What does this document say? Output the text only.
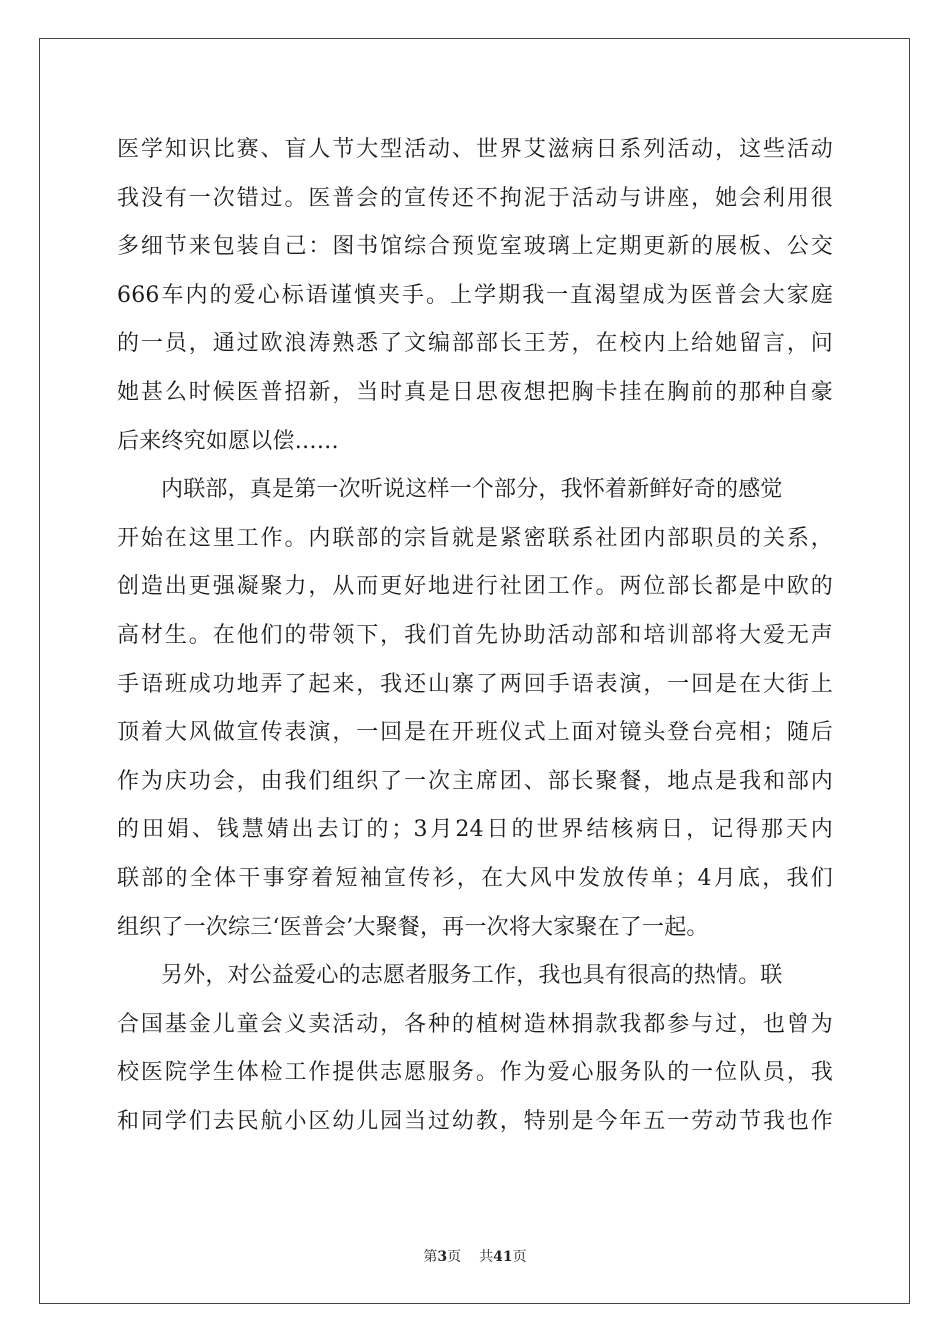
医学知识比赛、盲人节大型活动、世界艾滋病日系列活动，这些活动
我没有一次错过。医普会的宣传还不拘泥于活动与讲座，她会利用很
多细节来包装自己：图书馆综合预览室玻璃上定期更新的展板、公交
666车内的爱心标语谨慎夹手。上学期我一直渴望成为医普会大家庭
的一员，通过欧浪涛熟悉了文编部部长王芳，在校内上给她留言，问
她甚么时候医普招新，当时真是日思夜想把胸卡挂在胸前的那种自豪
后来终究如愿以偿……
内联部，真是第一次听说这样一个部分，我怀着新鲜好奇的感觉
开始在这里工作。内联部的宗旨就是紧密联系社团内部职员的关系，
创造出更强凝聚力，从而更好地进行社团工作。两位部长都是中欧的
高材生。在他们的带领下，我们首先协助活动部和培训部将大爱无声
手语班成功地弄了起来，我还山寨了两回手语表演，一回是在大街上
顶着大风做宣传表演，一回是在开班仪式上面对镜头登台亮相；随后
作为庆功会，由我们组织了一次主席团、部长聚餐，地点是我和部内
的田娟、钱慧婧出去订的；3月24日的世界结核病日，记得那天内
联部的全体干事穿着短袖宣传衫，在大风中发放传单；4月底，我们
组织了一次综三‘医普会’大聚餐，再一次将大家聚在了一起。
另外，对公益爱心的志愿者服务工作，我也具有很高的热情。联
合国基金儿童会义卖活动，各种的植树造林捐款我都参与过，也曾为
校医院学生体检工作提供志愿服务。作为爱心服务队的一位队员，我
和同学们去民航小区幼儿园当过幼教，特别是今年五一劳动节我也作
第3页 共41页
